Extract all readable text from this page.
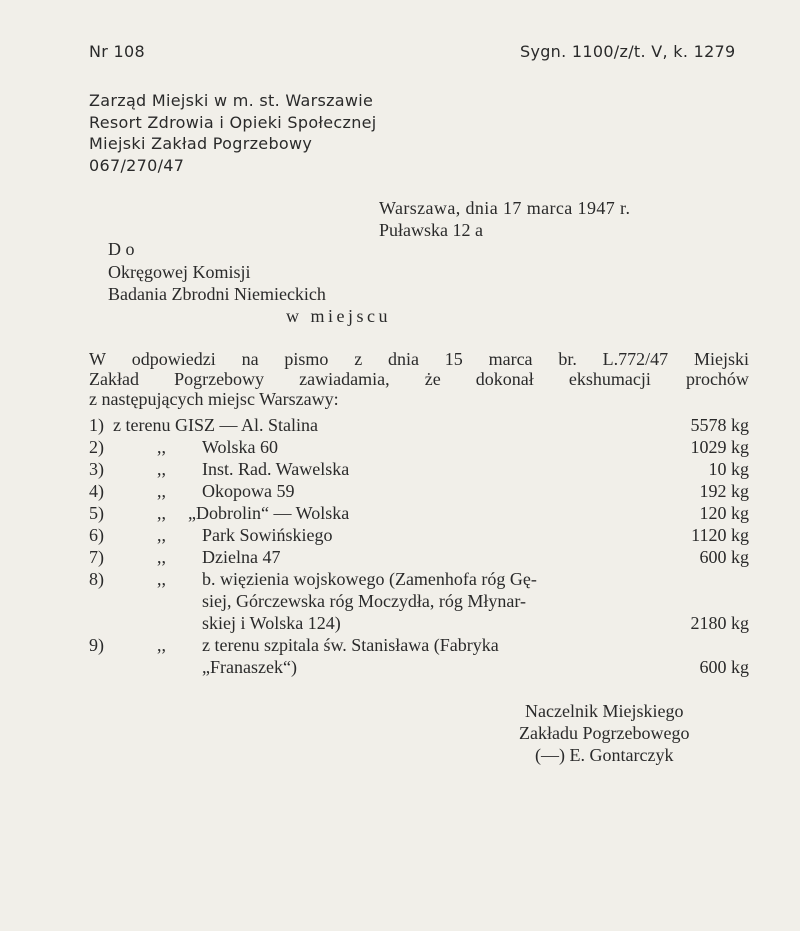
Nr 108	Sygn. 1100/z/t. V, k. 1279
Zarząd Miejski w m. st. Warszawie
Resort Zdrowia i Opieki Społecznej
Miejski Zakład Pogrzebowy
067/270/47
Warszawa, dnia 17 marca 1947 r.
Puławska 12 a
D o
Okręgowej Komisji
Badania Zbrodni Niemieckich
w miejscu
W odpowiedzi na pismo z dnia 15 marca br. L.772/47 Miejski
Zakład Pogrzebowy zawiadamia, że dokonał ekshumacji prochów
z następujących miejsc Warszawy:
1) z terenu GISZ — Al. Stalina	5578 kg
2)	,, Wolska 60	1029 kg
3)	,, Inst. Rad. Wawelska	10 kg
4)	,, Okopowa 59	192 kg
5)	,, „Dobrolin“ — Wolska	120 kg
6)	,, Park Sowińskiego	1120 kg
7)	,, Dzielna 47	600 kg
8)	,, b. więzienia wojskowego (Zamenhofa róg Gę-
siej, Górczewska róg Moczydła, róg Młynar-
skiej i Wolska 124)	2180 kg
9)	,, z terenu szpitala św. Stanisława (Fabryka
„Franaszek“)	600 kg
Naczelnik Miejskiego
Zakładu Pogrzebowego
(—) E. Gontarczyk
